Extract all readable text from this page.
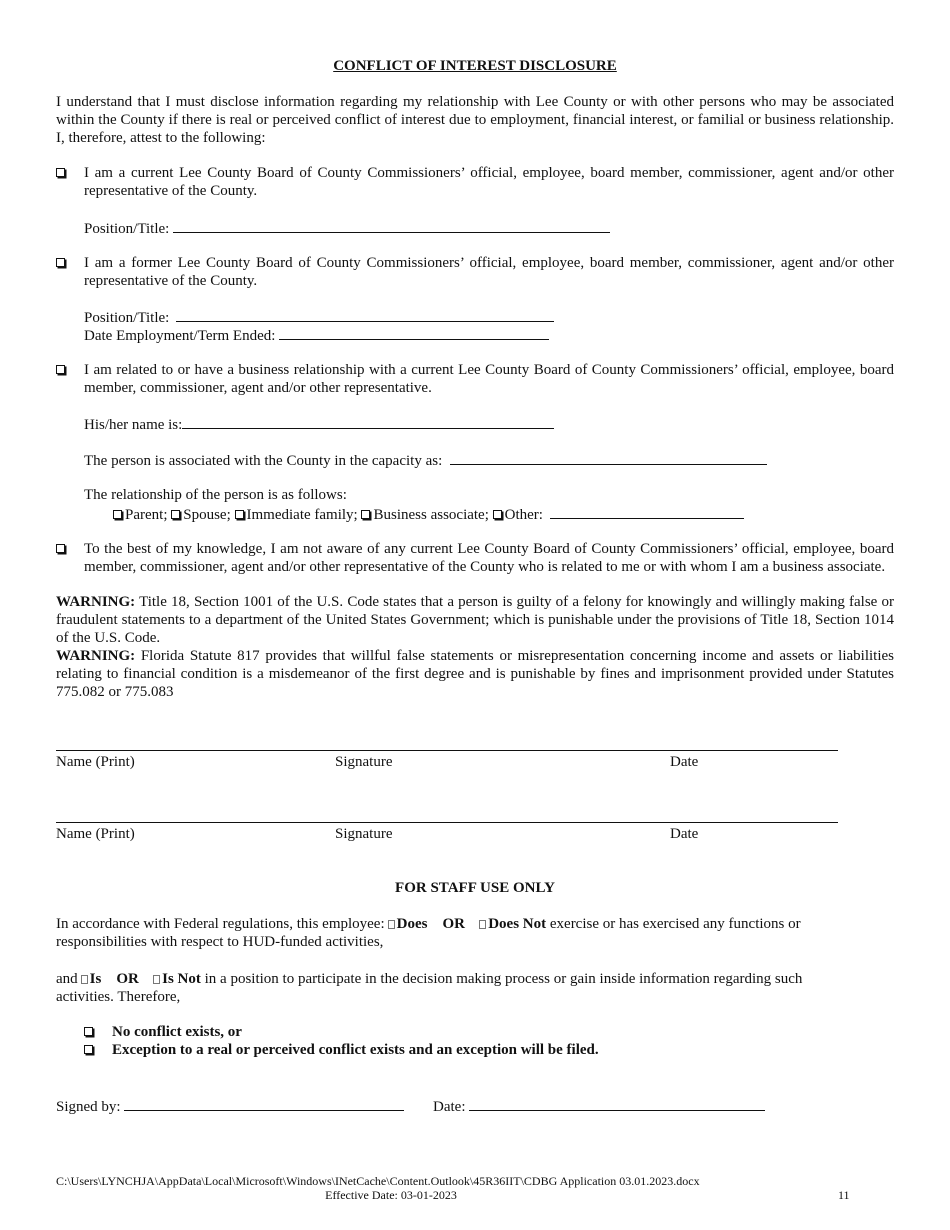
CONFLICT OF INTEREST DISCLOSURE
I understand that I must disclose information regarding my relationship with Lee County or with other persons who may be associated within the County if there is real or perceived conflict of interest due to employment, financial interest, or familial or business relationship. I, therefore, attest to the following:
I am a current Lee County Board of County Commissioners’ official, employee, board member, commissioner, agent and/or other representative of the County.
Position/Title:
I am a former Lee County Board of County Commissioners’ official, employee, board member, commissioner, agent and/or other representative of the County.
Position/Title:
Date Employment/Term Ended:
I am related to or have a business relationship with a current Lee County Board of County Commissioners’ official, employee, board member, commissioner, agent and/or other representative.
His/her name is:
The person is associated with the County in the capacity as:
The relationship of the person is as follows:
Parent; Spouse; Immediate family; Business associate; Other:
To the best of my knowledge, I am not aware of any current Lee County Board of County Commissioners’ official, employee, board member, commissioner, agent and/or other representative of the County who is related to me or with whom I am a business associate.
WARNING: Title 18, Section 1001 of the U.S. Code states that a person is guilty of a felony for knowingly and willingly making false or fraudulent statements to a department of the United States Government; which is punishable under the provisions of Title 18, Section 1014 of the U.S. Code.
WARNING: Florida Statute 817 provides that willful false statements or misrepresentation concerning income and assets or liabilities relating to financial condition is a misdemeanor of the first degree and is punishable by fines and imprisonment provided under Statutes 775.082 or 775.083
Name (Print)	Signature	Date
Name (Print)	Signature	Date
FOR STAFF USE ONLY
In accordance with Federal regulations, this employee: Does OR Does Not exercise or has exercised any functions or responsibilities with respect to HUD-funded activities,
and Is OR Is Not in a position to participate in the decision making process or gain inside information regarding such activities. Therefore,
No conflict exists, or
Exception to a real or perceived conflict exists and an exception will be filed.
Signed by:	Date:
C:\Users\LYNCHJA\AppData\Local\Microsoft\Windows\INetCache\Content.Outlook\45R36IIT\CDBG Application 03.01.2023.docx
Effective Date: 03-01-2023	11
